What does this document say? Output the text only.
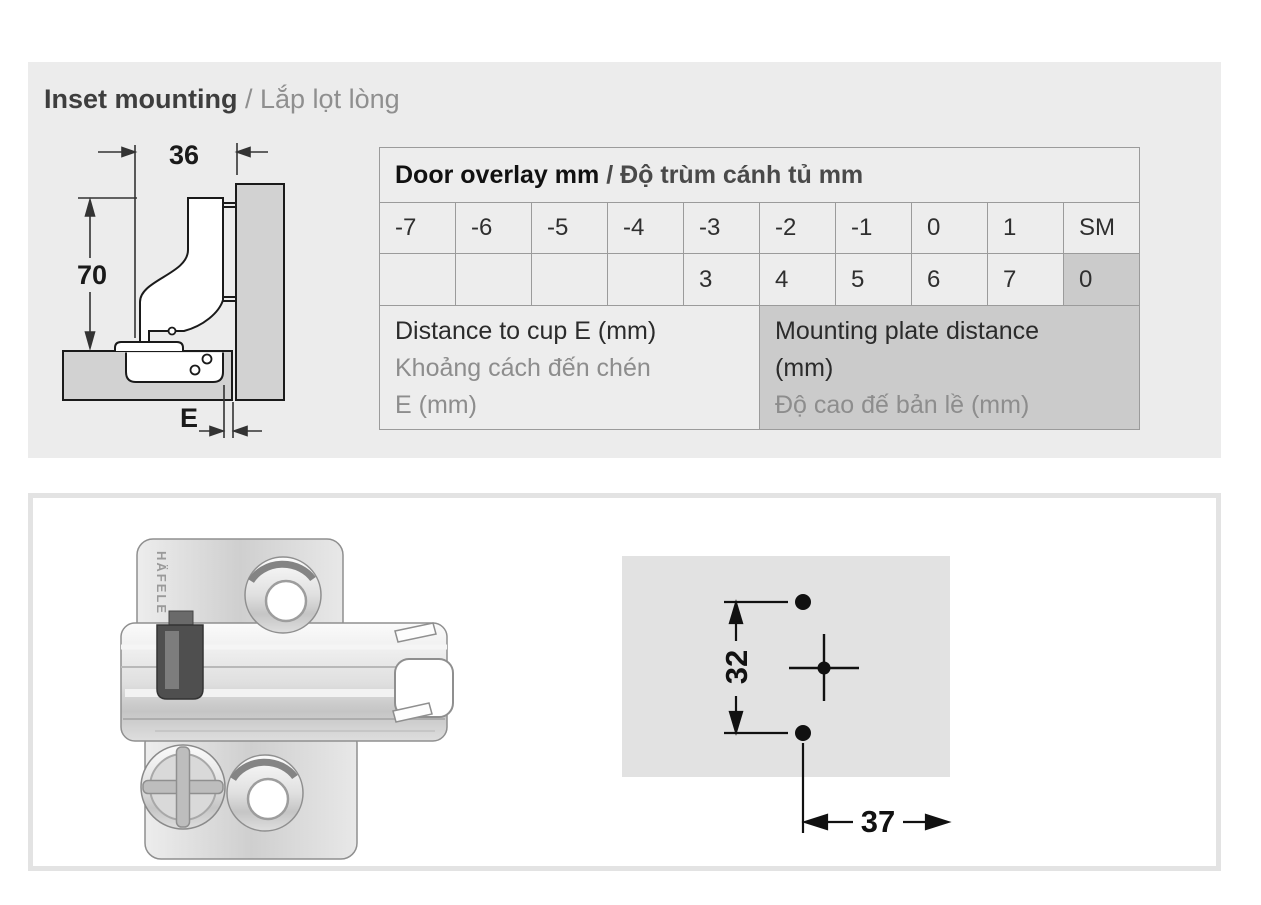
Inset mounting / Lắp lọt lòng
36
70
E
Door overlay mm / Độ trùm cánh tủ mm									
-7	-6	-5	-4	-3	-2	-1	0	1	SM
				3	4	5	6	7	0

Distance to cup E (mm)
Khoảng cách đến chén
E (mm)

Mounting plate distance
(mm)
Độ cao đế bản lề (mm)
HÄFELE
32
37
